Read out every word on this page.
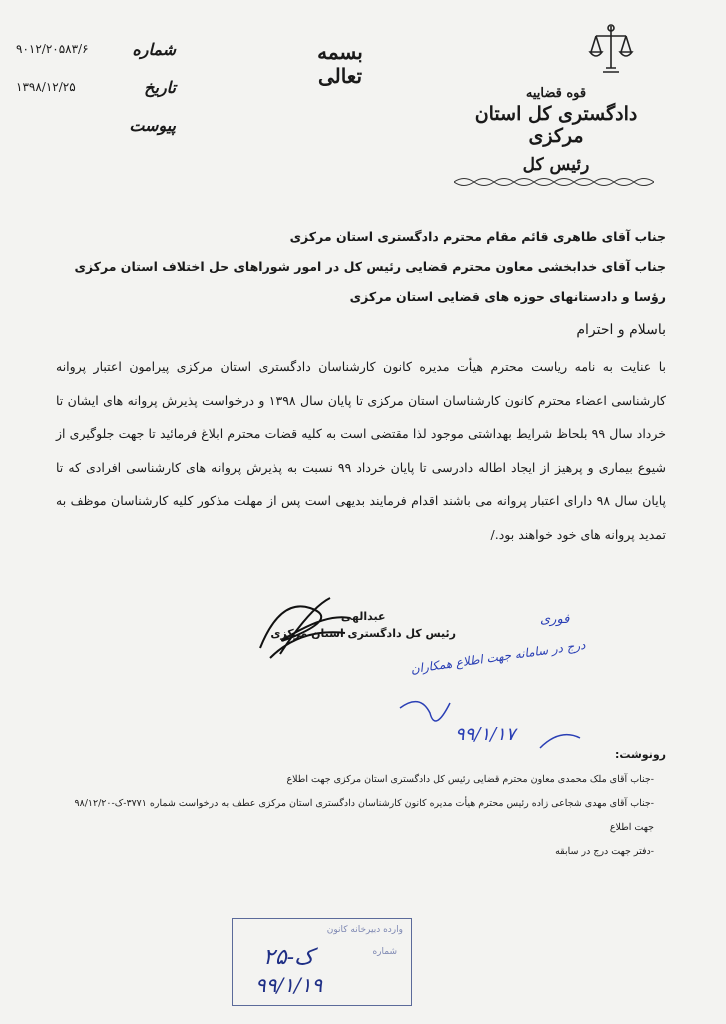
قوه قضاییه
دادگستری کل استان مرکزی
رئیس کل
بسمه تعالی
شماره
۹۰۱۲/۲۰۵۸۳/۶
تاریخ
۱۳۹۸/۱۲/۲۵
پیوست
جناب آقای طاهری قائم مقام محترم دادگستری استان مرکزی
جناب آقای خدابخشی معاون محترم قضایی رئیس کل در امور شوراهای حل اختلاف استان مرکزی
رؤسا و دادستانهای حوزه های قضایی استان مرکزی
باسلام و احترام
با عنایت به نامه ریاست محترم هیأت مدیره کانون کارشناسان دادگستری استان مرکزی پیرامون اعتبار پروانه کارشناسی اعضاء محترم کانون کارشناسان استان مرکزی تا پایان سال ۱۳۹۸ و درخواست پذیرش پروانه های ایشان تا خرداد سال ۹۹ بلحاظ شرایط بهداشتی موجود لذا مقتضی است به کلیه قضات محترم ابلاغ فرمائید تا جهت جلوگیری از شیوع بیماری و پرهیز از ایجاد اطاله دادرسی تا پایان خرداد ۹۹ نسبت به پذیرش پروانه های کارشناسی افرادی که تا پایان سال ۹۸ دارای اعتبار پروانه می باشند اقدام فرمایند بدیهی است پس از مهلت مذکور کلیه کارشناسان موظف به تمدید پروانه های خود خواهند بود./
عبدالهی
رئیس کل دادگستری استان مرکزی
فوری
درج در سامانه جهت اطلاع همکاران
۹۹/۱/۱۷
رونوشت:
-جناب آقای ملک محمدی معاون محترم قضایی رئیس کل دادگستری استان مرکزی جهت اطلاع
-جناب آقای مهدی شجاعی زاده رئیس محترم هیأت مدیره کانون کارشناسان دادگستری استان مرکزی عطف به درخواست شماره ۳۷۷۱-ک-۹۸/۱۲/۲۰ جهت اطلاع
-دفتر جهت درج در سابقه
وارده دبیرخانه کانون
شماره
۲۵-ک
۹۹/۱/۱۹
